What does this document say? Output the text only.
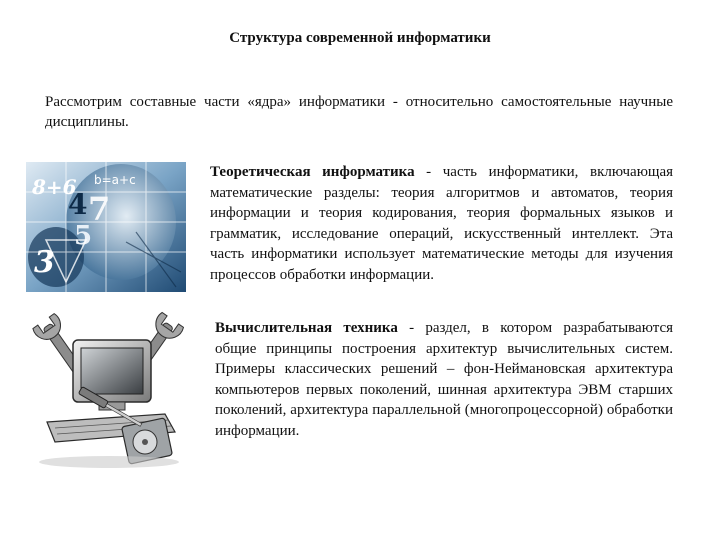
Структура современной информатики
Рассмотрим составные части «ядра» информатики - относительно самостоятельные научные дисциплины.
8+6 b=a+c
4 7
5
3
Теоретическая информатика - часть информатики, включающая математические разделы: теория алгоритмов и автоматов, теория информации и теория кодирования, теория формальных языков и грамматик, исследование операций, искусственный интеллект. Эта часть информатики использует математические методы для изучения процессов обработки информации.
Вычислительная техника - раздел, в котором разрабатываются общие принципы построения архитектур вычислительных систем. Примеры классических решений – фон-Неймановская архитектура компьютеров первых поколений, шинная архитектура ЭВМ старших поколений, архитектура параллельной (многопроцессорной) обработки информации.
